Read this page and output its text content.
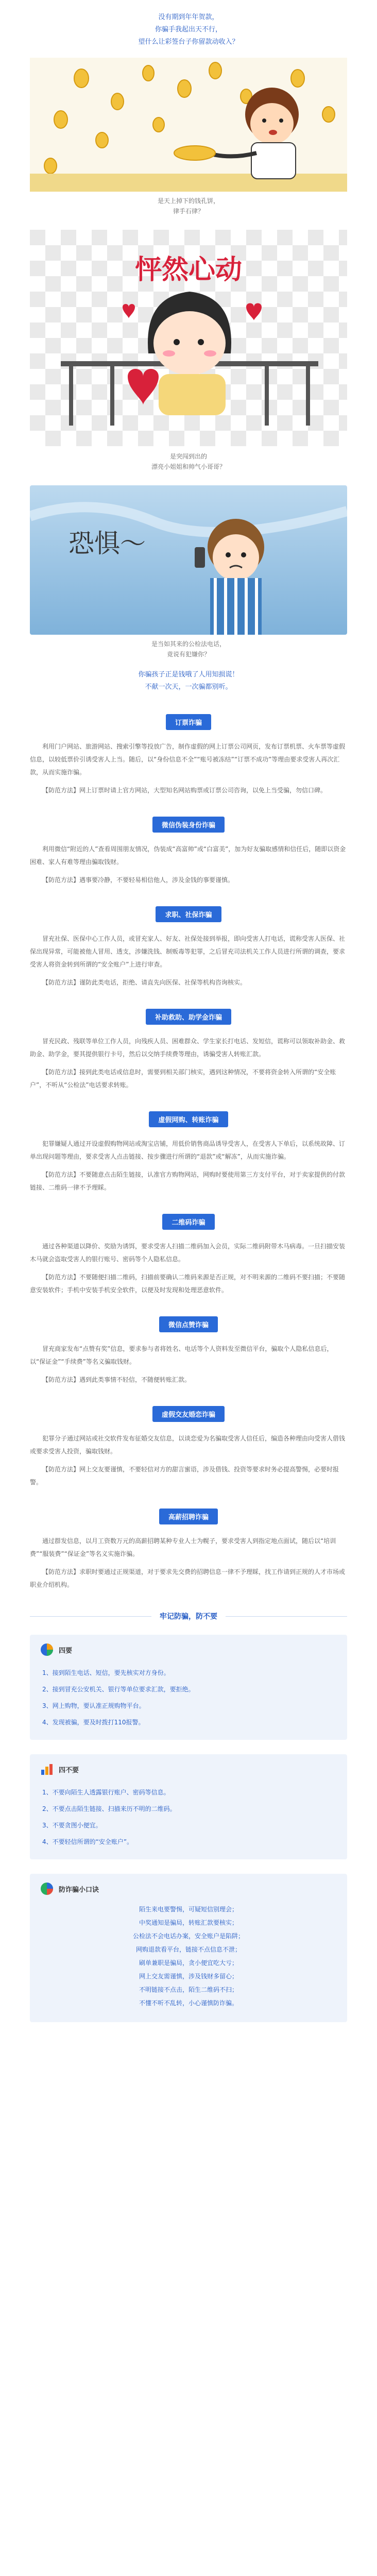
没有期到年年贺款，
你骗手我起出天不行，
望什么让彩签台子你留款动收入？
是天上掉下的钱孔饼，
律手石律？
怦然心动
是突闯到出的
漂亮小姐姐和帅气小哥哥？
恐惧～
是当如其来的公检法电话，
竟说有犯嫌你？
你骗孩子正是钱哦了人用知损谎！
不献一次天，一次骗都别听。
订票诈骗

利用门户网站、旅游网站、搜索引擎等投放广告，制作虚假的网上订票公司网页，发布订票机票、火车票等虚假信息，以较低票价引诱受害人上当。随后，以“身份信息不全”“账号被冻结”“订票不成功”等理由要求受害人再次汇款，从而实施诈骗。

【防范方法】网上订票时请上官方网站，大型知名网站购票或订票公司咨询，以免上当受骗，勿信口碑。

微信伪装身份诈骗

利用微信“附近的人”查看周围朋友情况，伪装成“高富帅”或“白富美”，加为好友骗取感情和信任后，随即以资金困难、家人有难等理由骗取钱财。

【防范方法】遇事要冷静，不要轻易相信他人，涉及金钱的事要谨慎。

求职、社保诈骗

冒充社保、医保中心工作人员，或冒充家人、好友、社保处接到举报，即向受害人打电话，谎称受害人医保、社保出现异常，可能被他人冒用、透支，涉嫌洗钱、制贩毒等犯罪，之后冒充司法机关工作人员进行所谓的调查，要求受害人将资金转到所谓的“安全账户”上进行审查。

【防范方法】谨防此类电话，拒绝、请直先向医保、社保等机构咨询核实。

补助救助、助学金诈骗

冒充民政、残联等单位工作人员，向残疾人员、困难群众、学生家长打电话、发短信，谎称可以领取补助金、救助金、助学金，要其提供银行卡号，然后以交纳手续费等理由，诱骗受害人转账汇款。

【防范方法】接到此类电话或信息时，需要到相关部门核实，遇到这种情况，不要将资金转入所谓的“安全账户”，不听从“公检法”电话要求转账。

虚假网购、转账诈骗

犯罪嫌疑人通过开设虚假购物网站或淘宝店铺，用低价销售商品诱导受害人，在受害人下单后，以系统故障、订单出现问题等理由，要求受害人点击链接、按步骤进行所谓的“退款”或“解冻”，从而实施诈骗。

【防范方法】不要随意点击陌生链接，认准官方购物网站，网购时要使用第三方支付平台，对于卖家提供的付款链接、二维码一律不予理睬。

二维码诈骗

通过各种渠道以降价、奖励为诱饵，要求受害人扫描二维码加入会员，实际二维码附带木马病毒。一旦扫描安装木马就会盗取受害人的银行账号、密码等个人隐私信息。

【防范方法】不要随便扫描二维码，扫描前要确认二维码来源是否正规，对不明来源的二维码不要扫描；不要随意安装软件；手机中安装手机安全软件，以便及时发现和处理恶意软件。

微信点赞诈骗

冒充商家发布“点赞有奖”信息，要求参与者将姓名、电话等个人资料发至微信平台，骗取个人隐私信息后，以“保证金”“手续费”等名义骗取钱财。

【防范方法】遇到此类事情不轻信，不随便转账汇款。

虚假交友婚恋诈骗

犯罪分子通过网站或社交软件发布征婚交友信息，以谈恋爱为名骗取受害人信任后，编造各种理由向受害人借钱或要求受害人投资，骗取钱财。

【防范方法】网上交友要谨慎，不要轻信对方的甜言蜜语，涉及借钱、投资等要求时务必提高警惕，必要时报警。

高薪招聘诈骗

通过群发信息，以月工资数万元的高薪招聘某种专业人士为幌子，要求受害人到指定地点面试，随后以“培训费”“服装费”“保证金”等名义实施诈骗。

【防范方法】求职时要通过正规渠道，对于要求先交费的招聘信息一律不予理睬，找工作请到正规的人才市场或职业介绍机构。

牢记防骗，防不要
四要
1、接到陌生电话、短信，要先核实对方身份。
2、接到冒充公安机关、银行等单位要求汇款，要拒绝。
3、网上购物，要认准正规购物平台。
4、发现被骗，要及时拨打110报警。
四不要
1、不要向陌生人透露银行账户、密码等信息。
2、不要点击陌生链接、扫描来历不明的二维码。
3、不要贪图小便宜。
4、不要轻信所谓的“安全账户”。
防诈骗小口诀
陌生来电要警惕，可疑短信别理会；
中奖通知是骗局，转账汇款要核实；
公检法不会电话办案，安全账户是陷阱；
网购退款看平台，链接不点信息不泄；
刷单兼职是骗局，贪小便宜吃大亏；
网上交友需谨慎，涉及钱财多留心；
不明链接不点击，陌生二维码不扫；
不懂不听不乱转，小心谨慎防诈骗。
